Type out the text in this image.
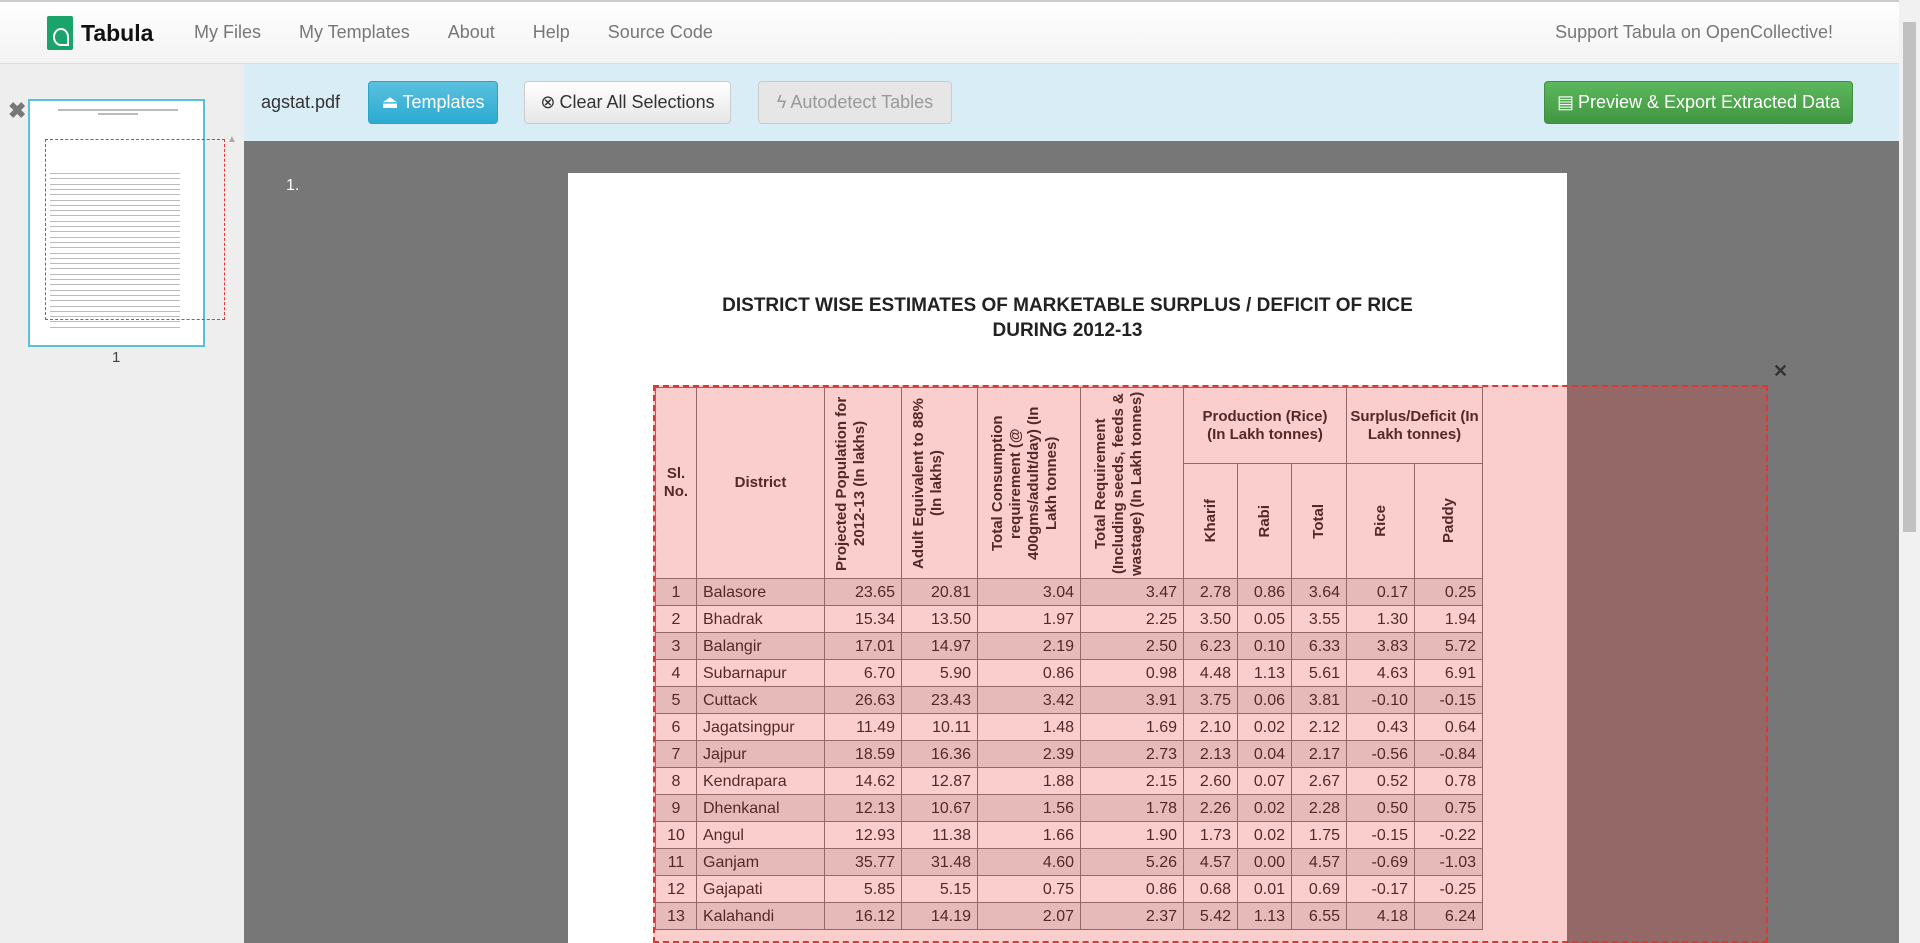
Tabula My Files My Templates About Help Source Code	Support Tabula on OpenCollective!
✖
▲
1
agstat.pdf ⏏ Templates	⊗ Clear All Selections	ϟ Autodetect Tables	▤ Preview & Export Extracted Data
1.
DISTRICT WISE ESTIMATES OF MARKETABLE SURPLUS / DEFICIT OF RICE
DURING 2012-13
Sl. No.	District	Projected Population for 2012-13 (In lakhs)	Adult Equivalent to 88% (In lakhs)	Total Consumption requirement (@ 400gms/adult/day) (In Lakh tonnes)	Total Requirement (Including seeds, feeds & wastage) (In Lakh tonnes)	Production (Rice) (In Lakh tonnes)			Surplus/Deficit (In Lakh tonnes)	

						Kharif	Rabi	Total	Rice	Paddy

1	Balasore	23.65	20.81	3.04	3.47	2.78	0.86	3.64	0.17	0.25
2	Bhadrak	15.34	13.50	1.97	2.25	3.50	0.05	3.55	1.30	1.94
3	Balangir	17.01	14.97	2.19	2.50	6.23	0.10	6.33	3.83	5.72
4	Subarnapur	6.70	5.90	0.86	0.98	4.48	1.13	5.61	4.63	6.91
5	Cuttack	26.63	23.43	3.42	3.91	3.75	0.06	3.81	-0.10	-0.15
6	Jagatsingpur	11.49	10.11	1.48	1.69	2.10	0.02	2.12	0.43	0.64
7	Jajpur	18.59	16.36	2.39	2.73	2.13	0.04	2.17	-0.56	-0.84
8	Kendrapara	14.62	12.87	1.88	2.15	2.60	0.07	2.67	0.52	0.78
9	Dhenkanal	12.13	10.67	1.56	1.78	2.26	0.02	2.28	0.50	0.75
10	Angul	12.93	11.38	1.66	1.90	1.73	0.02	1.75	-0.15	-0.22
11	Ganjam	35.77	31.48	4.60	5.26	4.57	0.00	4.57	-0.69	-1.03
12	Gajapati	5.85	5.15	0.75	0.86	0.68	0.01	0.69	-0.17	-0.25
13	Kalahandi	16.12	14.19	2.07	2.37	5.42	1.13	6.55	4.18	6.24
✕
